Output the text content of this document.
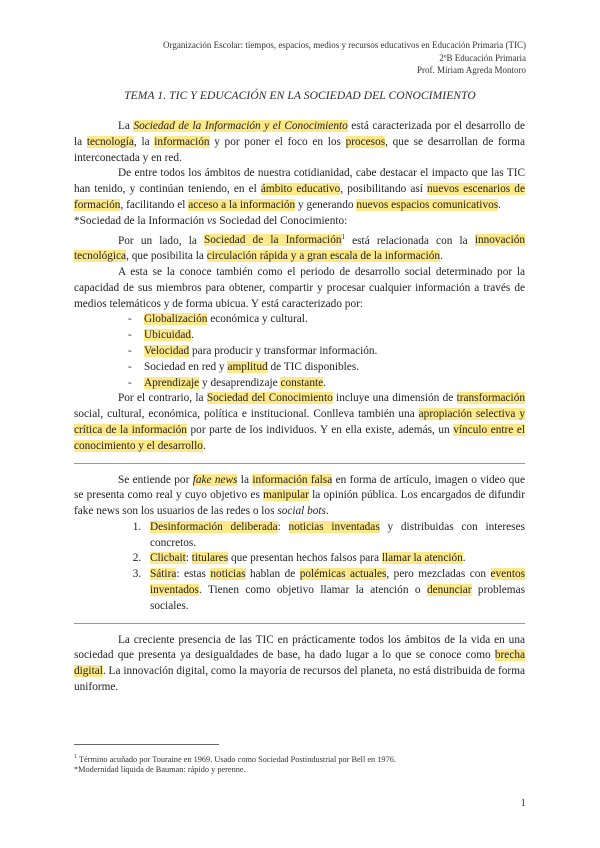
Organización Escolar: tiempos, espacios, medios y recursos educativos en Educación Primaria (TIC)
2ºB Educación Primaria
Prof. Míriam Agreda Montoro
TEMA 1. TIC Y EDUCACIÓN EN LA SOCIEDAD DEL CONOCIMIENTO

La Sociedad de la Información y el Conocimiento está caracterizada por el desarrollo de la tecnología, la información y por poner el foco en los procesos, que se desarrollan de forma interconectada y en red.

De entre todos los ámbitos de nuestra cotidianidad, cabe destacar el impacto que las TIC han tenido, y continúan teniendo, en el ámbito educativo, posibilitando así nuevos escenarios de formación, facilitando el acceso a la información y generando nuevos espacios comunicativos.

*Sociedad de la Información vs Sociedad del Conocimiento:

Por un lado, la Sociedad de la Información$^1$ está relacionada con la innovación tecnológica, que posibilita la circulación rápida y a gran escala de la información.

A esta se la conoce también como el periodo de desarrollo social determinado por la capacidad de sus miembros para obtener, compartir y procesar cualquier información a través de medios telemáticos y de forma ubicua. Y está caracterizado por:

- Globalización económica y cultural.
- Ubicuidad.
- Velocidad para producir y transformar información.
- Sociedad en red y amplitud de TIC disponibles.
- Aprendizaje y desaprendizaje constante.

Por el contrario, la Sociedad del Conocimiento incluye una dimensión de transformación social, cultural, económica, política e institucional. Conlleva también una apropiación selectiva y crítica de la información por parte de los individuos. Y en ella existe, además, un vínculo entre el conocimiento y el desarrollo.

Se entiende por fake news la información falsa en forma de artículo, imagen o video que se presenta como real y cuyo objetivo es manipular la opinión pública. Los encargados de difundir fake news son los usuarios de las redes o los social bots.

1. Desinformación deliberada: noticias inventadas y distribuidas con intereses concretos.
2. Clicbait: titulares que presentan hechos falsos para llamar la atención.
3. Sátira: estas noticias hablan de polémicas actuales, pero mezcladas con eventos inventados. Tienen como objetivo llamar la atención o denunciar problemas sociales.

La creciente presencia de las TIC en prácticamente todos los ámbitos de la vida en una sociedad que presenta ya desigualdades de base, ha dado lugar a lo que se conoce como brecha digital. La innovación digital, como la mayoría de recursos del planeta, no está distribuida de forma uniforme.

$^1$ Término acuñado por Touraine en 1969. Usado como Sociedad Postindustrial por Bell en 1976.
*Modernidad líquida de Bauman: rápido y perenne.
1
